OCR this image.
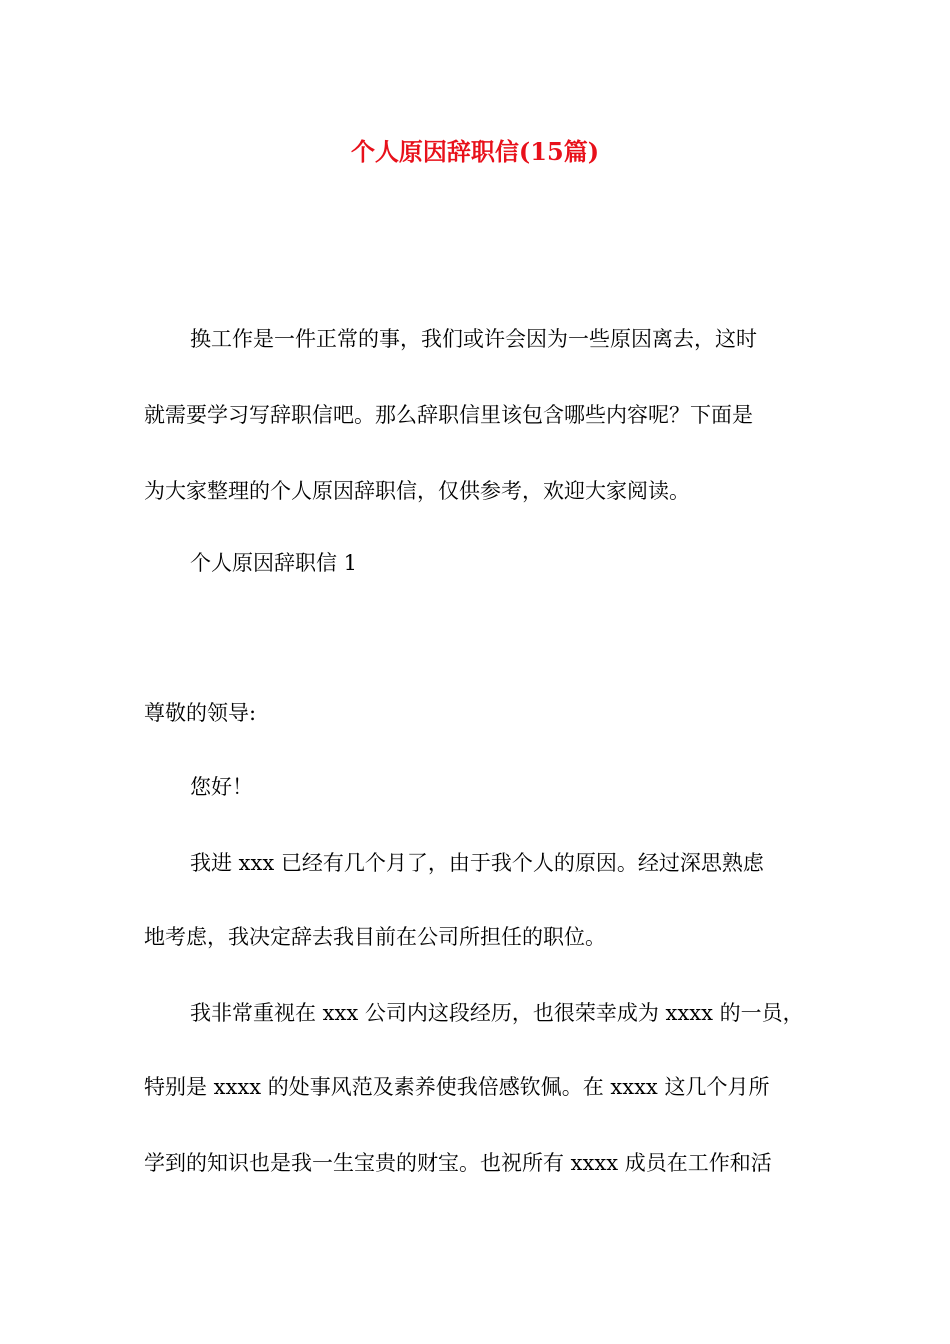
个人原因辞职信(15篇)
换工作是一件正常的事，我们或许会因为一些原因离去，这时
就需要学习写辞职信吧。那么辞职信里该包含哪些内容呢？下面是
为大家整理的个人原因辞职信，仅供参考，欢迎大家阅读。
个人原因辞职信 1
尊敬的领导:
您好！
我进 xxx 已经有几个月了，由于我个人的原因。经过深思熟虑
地考虑，我决定辞去我目前在公司所担任的职位。
我非常重视在 xxx 公司内这段经历，也很荣幸成为 xxxx 的一员，
特别是 xxxx 的处事风范及素养使我倍感钦佩。在 xxxx 这几个月所
学到的知识也是我一生宝贵的财宝。也祝所有 xxxx 成员在工作和活
